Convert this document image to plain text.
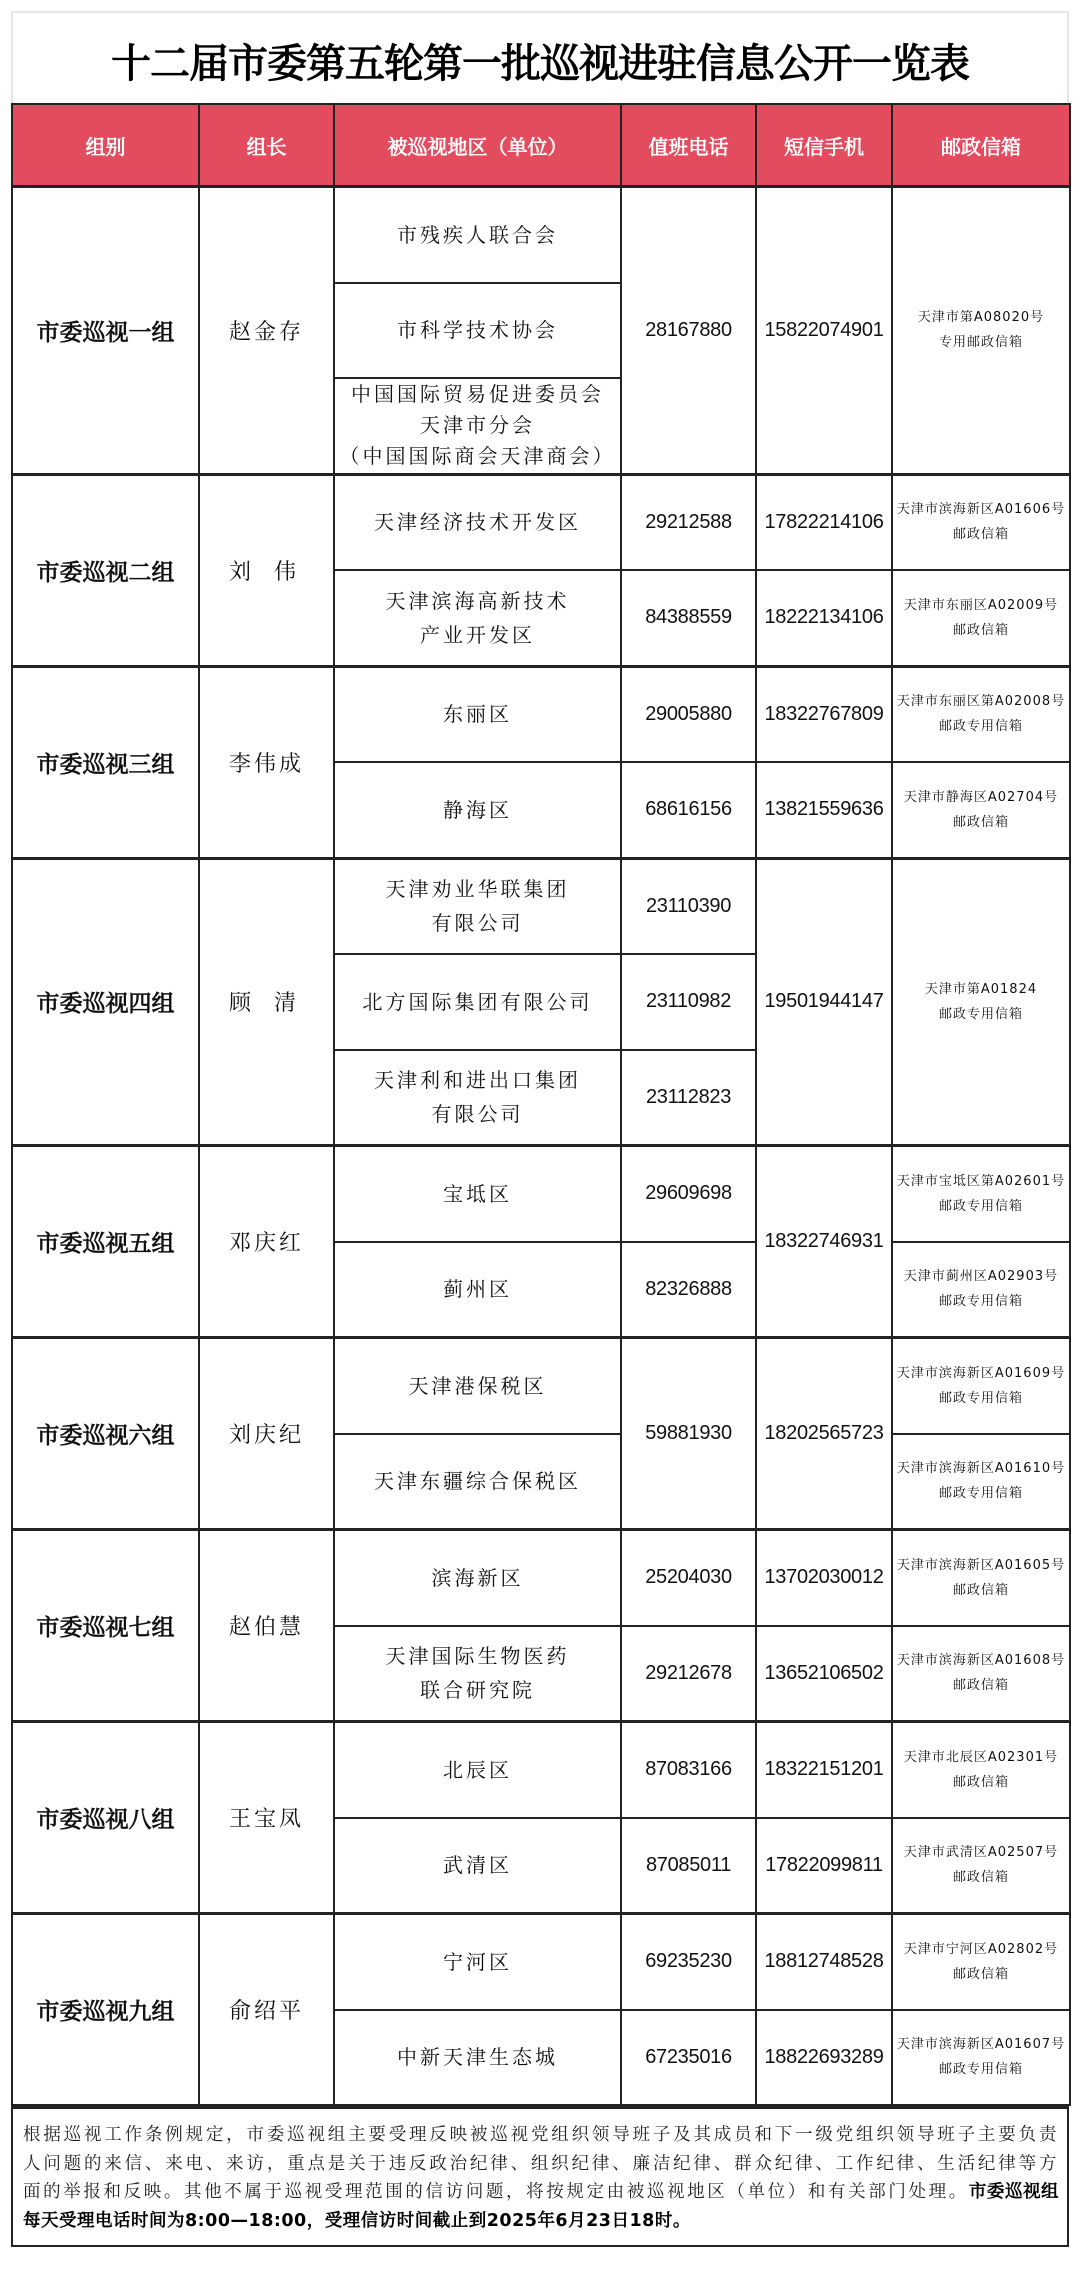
十二届市委第五轮第一批巡视进驻信息公开一览表
组别	组长	被巡视地区（单位）	值班电话	短信手机	邮政信箱
市委巡视一组	赵金存	市残疾人联合会	28167880	15822074901	天津市第A08020号
专用邮政信箱

		市科学技术协会			

		中国国际贸易促进委员会
天津市分会
（中国国际商会天津商会）			

市委巡视二组	刘 伟	天津经济技术开发区	29212588	17822214106	天津市滨海新区A01606号
邮政信箱

		天津滨海高新技术
产业开发区	84388559	18222134106	天津市东丽区A02009号
邮政信箱

市委巡视三组	李伟成	东丽区	29005880	18322767809	天津市东丽区第A02008号
邮政专用信箱

		静海区	68616156	13821559636	天津市静海区A02704号
邮政信箱

市委巡视四组	顾 清	天津劝业华联集团
有限公司	23110390	19501944147	天津市第A01824
邮政专用信箱

		北方国际集团有限公司	23110982		

		天津利和进出口集团
有限公司	23112823		
市委巡视五组	邓庆红	宝坻区	29609698	18322746931	天津市宝坻区第A02601号
邮政专用信箱

		蓟州区	82326888		天津市蓟州区A02903号
邮政专用信箱

市委巡视六组	刘庆纪	天津港保税区	59881930	18202565723	天津市滨海新区A01609号
邮政专用信箱

		天津东疆综合保税区			天津市滨海新区A01610号
邮政专用信箱

市委巡视七组	赵伯慧	滨海新区	25204030	13702030012	天津市滨海新区A01605号
邮政信箱

		天津国际生物医药
联合研究院	29212678	13652106502	天津市滨海新区A01608号
邮政信箱

市委巡视八组	王宝凤	北辰区	87083166	18322151201	天津市北辰区A02301号
邮政信箱

		武清区	87085011	17822099811	天津市武清区A02507号
邮政信箱

市委巡视九组	俞绍平	宁河区	69235230	18812748528	天津市宁河区A02802号
邮政信箱

		中新天津生态城	67235016	18822693289	天津市滨海新区A01607号
邮政专用信箱
根据巡视工作条例规定，市委巡视组主要受理反映被巡视党组织领导班子及其成员和下一级党组织领导班子主要负责人问题的来信、来电、来访，重点是关于违反政治纪律、组织纪律、廉洁纪律、群众纪律、工作纪律、生活纪律等方面的举报和反映。其他不属于巡视受理范围的信访问题，将按规定由被巡视地区（单位）和有关部门处理。市委巡视组每天受理电话时间为8:00—18:00，受理信访时间截止到2025年6月23日18时。
